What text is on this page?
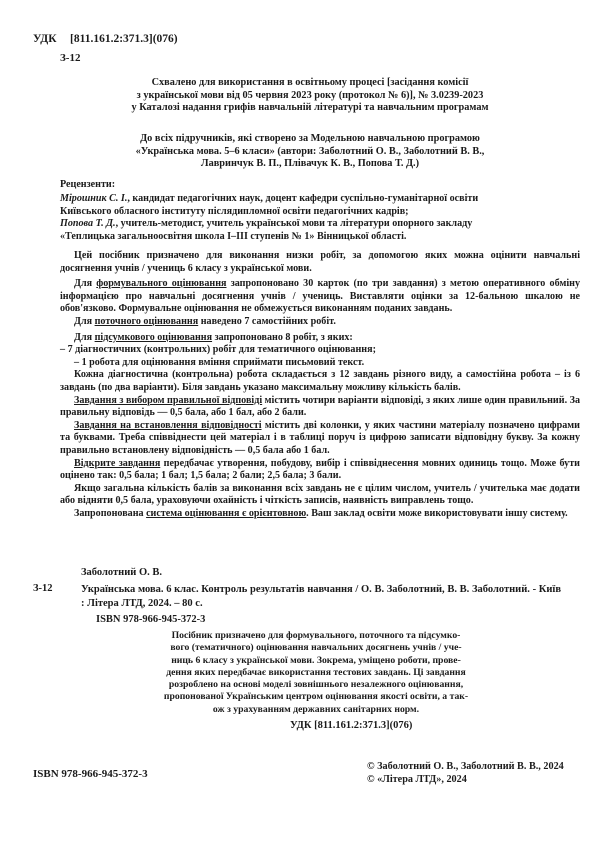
УДК [811.161.2:371.3](076)
З-12
Схвалено для використання в освітньому процесі [засідання комісії
з української мови від 05 червня 2023 року (протокол № 6)], № 3.0239-2023
у Каталозі надання грифів навчальній літературі та навчальним програмам
До всіх підручників, які створено за Модельною навчальною програмою
«Українська мова. 5–6 класи» (автори: Заболотний О. В., Заболотний В. В.,
Лавринчук В. П., Плівачук К. В., Попова Т. Д.)
Рецензенти:
Мірошник С. І., кандидат педагогічних наук, доцент кафедри суспільно-гуманітарної освіти
Київського обласного інституту післядипломної освіти педагогічних кадрів;
Попова Т. Д., учитель-методист, учитель української мови та літератури опорного закладу
«Теплицька загальноосвітня школа І–ІІІ ступенів № 1» Вінницької області.

Цей посібник призначено для виконання низки робіт, за допомогою яких можна оцінити навчальні досягнення учнів / учениць 6 класу з української мови.

Для формувального оцінювання запропоновано 30 карток (по три завдання) з метою оперативного обміну інформацією про навчальні досягнення учнів / учениць. Виставляти оцінки за 12-бальною шкалою не обов'язково. Формувальне оцінювання не обмежується виконанням поданих завдань.

Для поточного оцінювання наведено 7 самостійних робіт.

Для підсумкового оцінювання запропоновано 8 робіт, з яких:

– 7 діагностичних (контрольних) робіт для тематичного оцінювання;

– 1 робота для оцінювання вміння сприймати письмовий текст.

Кожна діагностична (контрольна) робота складається з 12 завдань різного виду, а самостійна робота – із 6 завдань (по два варіанти). Біля завдань указано максимальну можливу кількість балів.

Завдання з вибором правильної відповіді містить чотири варіанти відповіді, з яких лише один правильний. За правильну відповідь — 0,5 бала, або 1 бал, або 2 бали.

Завдання на встановлення відповідності містить дві колонки, у яких частини матеріалу позначено цифрами та буквами. Треба співвіднести цей матеріал і в таблиці поруч із цифрою записати відповідну букву. За кожну правильно встановлену відповідність — 0,5 бала або 1 бал.

Відкрите завдання передбачає утворення, побудову, вибір і співвіднесення мовних одиниць тощо. Може бути оцінено так: 0,5 бала; 1 бал; 1,5 бала; 2 бали; 2,5 бала; 3 бали.

Якщо загальна кількість балів за виконання всіх завдань не є цілим числом, учитель / учителька має додати або відняти 0,5 бала, ураховуючи охайність і чіткість записів, наявність виправлень тощо.

Запропонована система оцінювання є орієнтовною. Ваш заклад освіти може використовувати іншу систему.

Заболотний О. В.
З-12	Українська мова. 6 клас. Контроль результатів навчання / О. В. Заболотний, В. В. Заболотний. - Київ : Літера ЛТД, 2024. – 80 с.
ISBN 978-966-945-372-3
Посібник призначено для формувального, поточного та підсумко-
вого (тематичного) оцінювання навчальних досягнень учнів / уче-
ниць 6 класу з української мови. Зокрема, уміщено роботи, прове-
дення яких передбачає використання тестових завдань. Ці завдання
розроблено на основі моделі зовнішнього незалежного оцінювання,
пропонованої Українським центром оцінювання якості освіти, а так-
ож з урахуванням державних санітарних норм.
УДК [811.161.2:371.3](076)
ISBN 978-966-945-372-3
© Заболотний О. В., Заболотний В. В., 2024
© «Літера ЛТД», 2024
